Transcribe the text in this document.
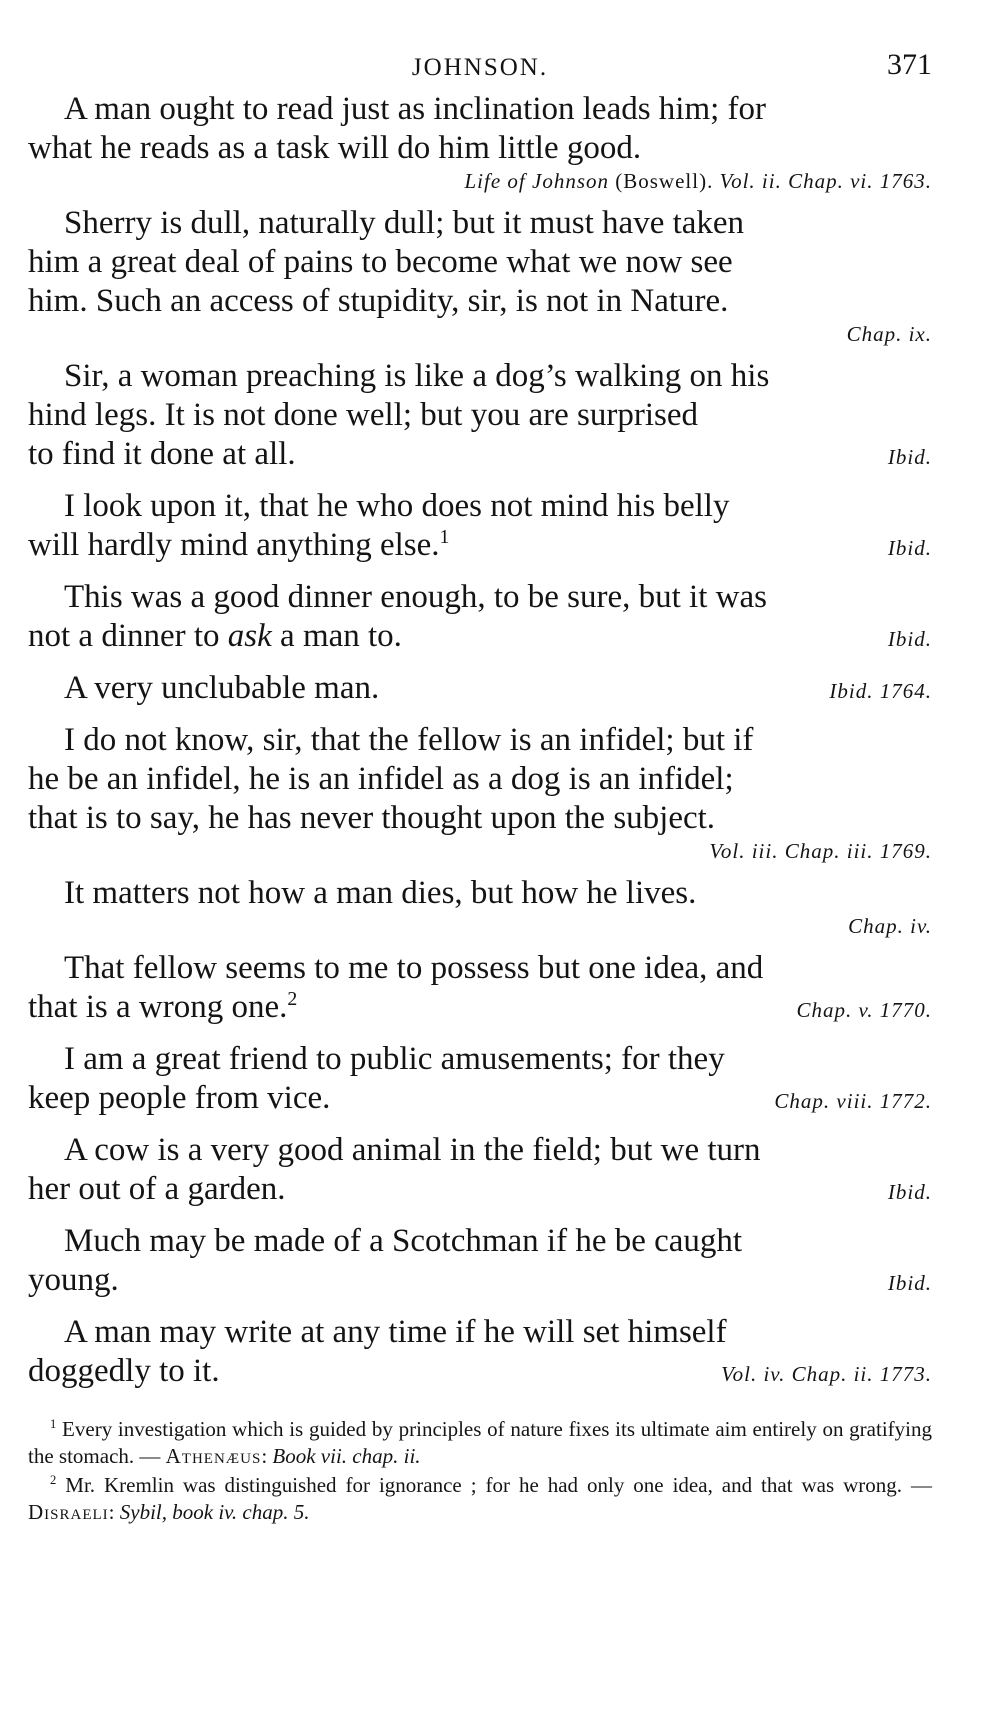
JOHNSON.	371
A man ought to read just as inclination leads him; for
what he reads as a task will do him little good.
Life of Johnson (Boswell). Vol. ii. Chap. vi. 1763.
Sherry is dull, naturally dull; but it must have taken
him a great deal of pains to become what we now see
him. Such an access of stupidity, sir, is not in Nature.
Chap. ix.
Sir, a woman preaching is like a dog’s walking on his
hind legs. It is not done well; but you are surprised
to find it done at all.	Ibid.
I look upon it, that he who does not mind his belly
will hardly mind anything else.$^1$	Ibid.
This was a good dinner enough, to be sure, but it was
not a dinner to ask a man to.	Ibid.
A very unclubable man.	Ibid. 1764.
I do not know, sir, that the fellow is an infidel; but if
he be an infidel, he is an infidel as a dog is an infidel;
that is to say, he has never thought upon the subject.
Vol. iii. Chap. iii. 1769.
It matters not how a man dies, but how he lives.
Chap. iv.
That fellow seems to me to possess but one idea, and
that is a wrong one.$^2$	Chap. v. 1770.
I am a great friend to public amusements; for they
keep people from vice.	Chap. viii. 1772.
A cow is a very good animal in the field; but we turn
her out of a garden.	Ibid.
Much may be made of a Scotchman if he be caught
young.	Ibid.
A man may write at any time if he will set himself
doggedly to it.	Vol. iv. Chap. ii. 1773.

$^1$ Every investigation which is guided by principles of nature fixes its ultimate aim entirely on gratifying the stomach. — Athenæus: Book vii. chap. ii.

$^2$ Mr. Kremlin was distinguished for ignorance ; for he had only one idea, and that was wrong. — Disraeli: Sybil, book iv. chap. 5.
